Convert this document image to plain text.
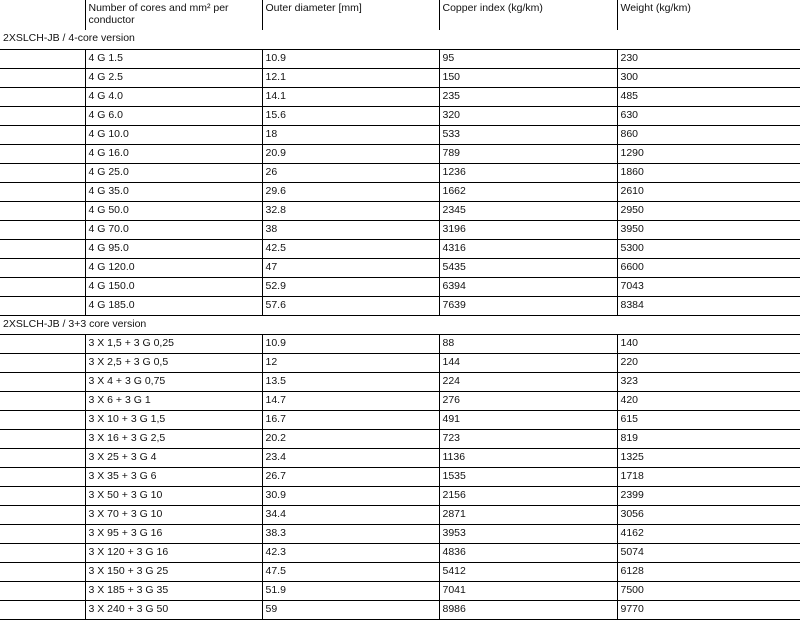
	Number of cores and mm² per conductor	Outer diameter [mm]	Copper index (kg/km)	Weight (kg/km)
2XSLCH-JB / 4-core version				
	4 G 1.5	10.9	95	230
	4 G 2.5	12.1	150	300
	4 G 4.0	14.1	235	485
	4 G 6.0	15.6	320	630
	4 G 10.0	18	533	860
	4 G 16.0	20.9	789	1290
	4 G 25.0	26	1236	1860
	4 G 35.0	29.6	1662	2610
	4 G 50.0	32.8	2345	2950
	4 G 70.0	38	3196	3950
	4 G 95.0	42.5	4316	5300
	4 G 120.0	47	5435	6600
	4 G 150.0	52.9	6394	7043
	4 G 185.0	57.6	7639	8384
2XSLCH-JB / 3+3 core version				
	3 X 1,5 + 3 G 0,25	10.9	88	140
	3 X 2,5 + 3 G 0,5	12	144	220
	3 X 4 + 3 G 0,75	13.5	224	323
	3 X 6 + 3 G 1	14.7	276	420
	3 X 10 + 3 G 1,5	16.7	491	615
	3 X 16 + 3 G 2,5	20.2	723	819
	3 X 25 + 3 G 4	23.4	1136	1325
	3 X 35 + 3 G 6	26.7	1535	1718
	3 X 50 + 3 G 10	30.9	2156	2399
	3 X 70 + 3 G 10	34.4	2871	3056
	3 X 95 + 3 G 16	38.3	3953	4162
	3 X 120 + 3 G 16	42.3	4836	5074
	3 X 150 + 3 G 25	47.5	5412	6128
	3 X 185 + 3 G 35	51.9	7041	7500
	3 X 240 + 3 G 50	59	8986	9770
